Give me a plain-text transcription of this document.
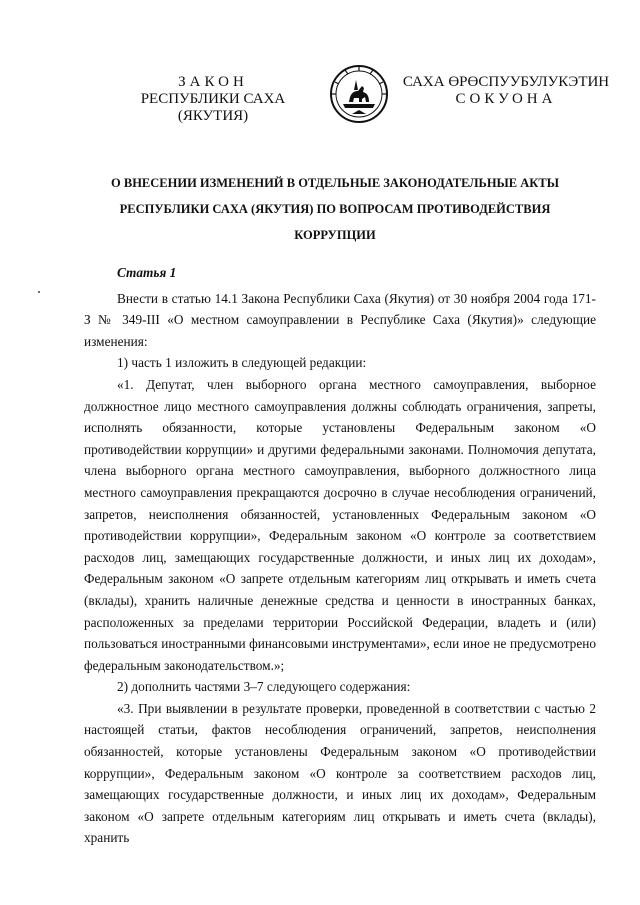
ЗАКОН
РЕСПУБЛИКИ САХА (ЯКУТИЯ)
САХА ӨРӨСПУУБУЛУКЭТИН
СОКУОНА
О ВНЕСЕНИИ ИЗМЕНЕНИЙ В ОТДЕЛЬНЫЕ ЗАКОНОДАТЕЛЬНЫЕ АКТЫ
РЕСПУБЛИКИ САХА (ЯКУТИЯ) ПО ВОПРОСАМ ПРОТИВОДЕЙСТВИЯ КОРРУПЦИИ

Статья 1

Внести в статью 14.1 Закона Республики Саха (Якутия) от 30 ноября 2004 года 171-З № 349-III «О местном самоуправлении в Республике Саха (Якутия)» следующие изменения:

1) часть 1 изложить в следующей редакции:

«1. Депутат, член выборного органа местного самоуправления, выборное должностное лицо местного самоуправления должны соблюдать ограничения, запреты, исполнять обязанности, которые установлены Федеральным законом «О противодействии коррупции» и другими федеральными законами. Полномочия депутата, члена выборного органа местного самоуправления, выборного должностного лица местного самоуправления прекращаются досрочно в случае несоблюдения ограничений, запретов, неисполнения обязанностей, установленных Федеральным законом «О противодействии коррупции», Федеральным законом «О контроле за соответствием расходов лиц, замещающих государственные должности, и иных лиц их доходам», Федеральным законом «О запрете отдельным категориям лиц открывать и иметь счета (вклады), хранить наличные денежные средства и ценности в иностранных банках, расположенных за пределами территории Российской Федерации, владеть и (или) пользоваться иностранными финансовыми инструментами», если иное не предусмотрено федеральным законодательством.»;

2) дополнить частями 3–7 следующего содержания:

«3. При выявлении в результате проверки, проведенной в соответствии с частью 2 настоящей статьи, фактов несоблюдения ограничений, запретов, неисполнения обязанностей, которые установлены Федеральным законом «О противодействии коррупции», Федеральным законом «О контроле за соответствием расходов лиц, замещающих государственные должности, и иных лиц их доходам», Федеральным законом «О запрете отдельным категориям лиц открывать и иметь счета (вклады), хранить
